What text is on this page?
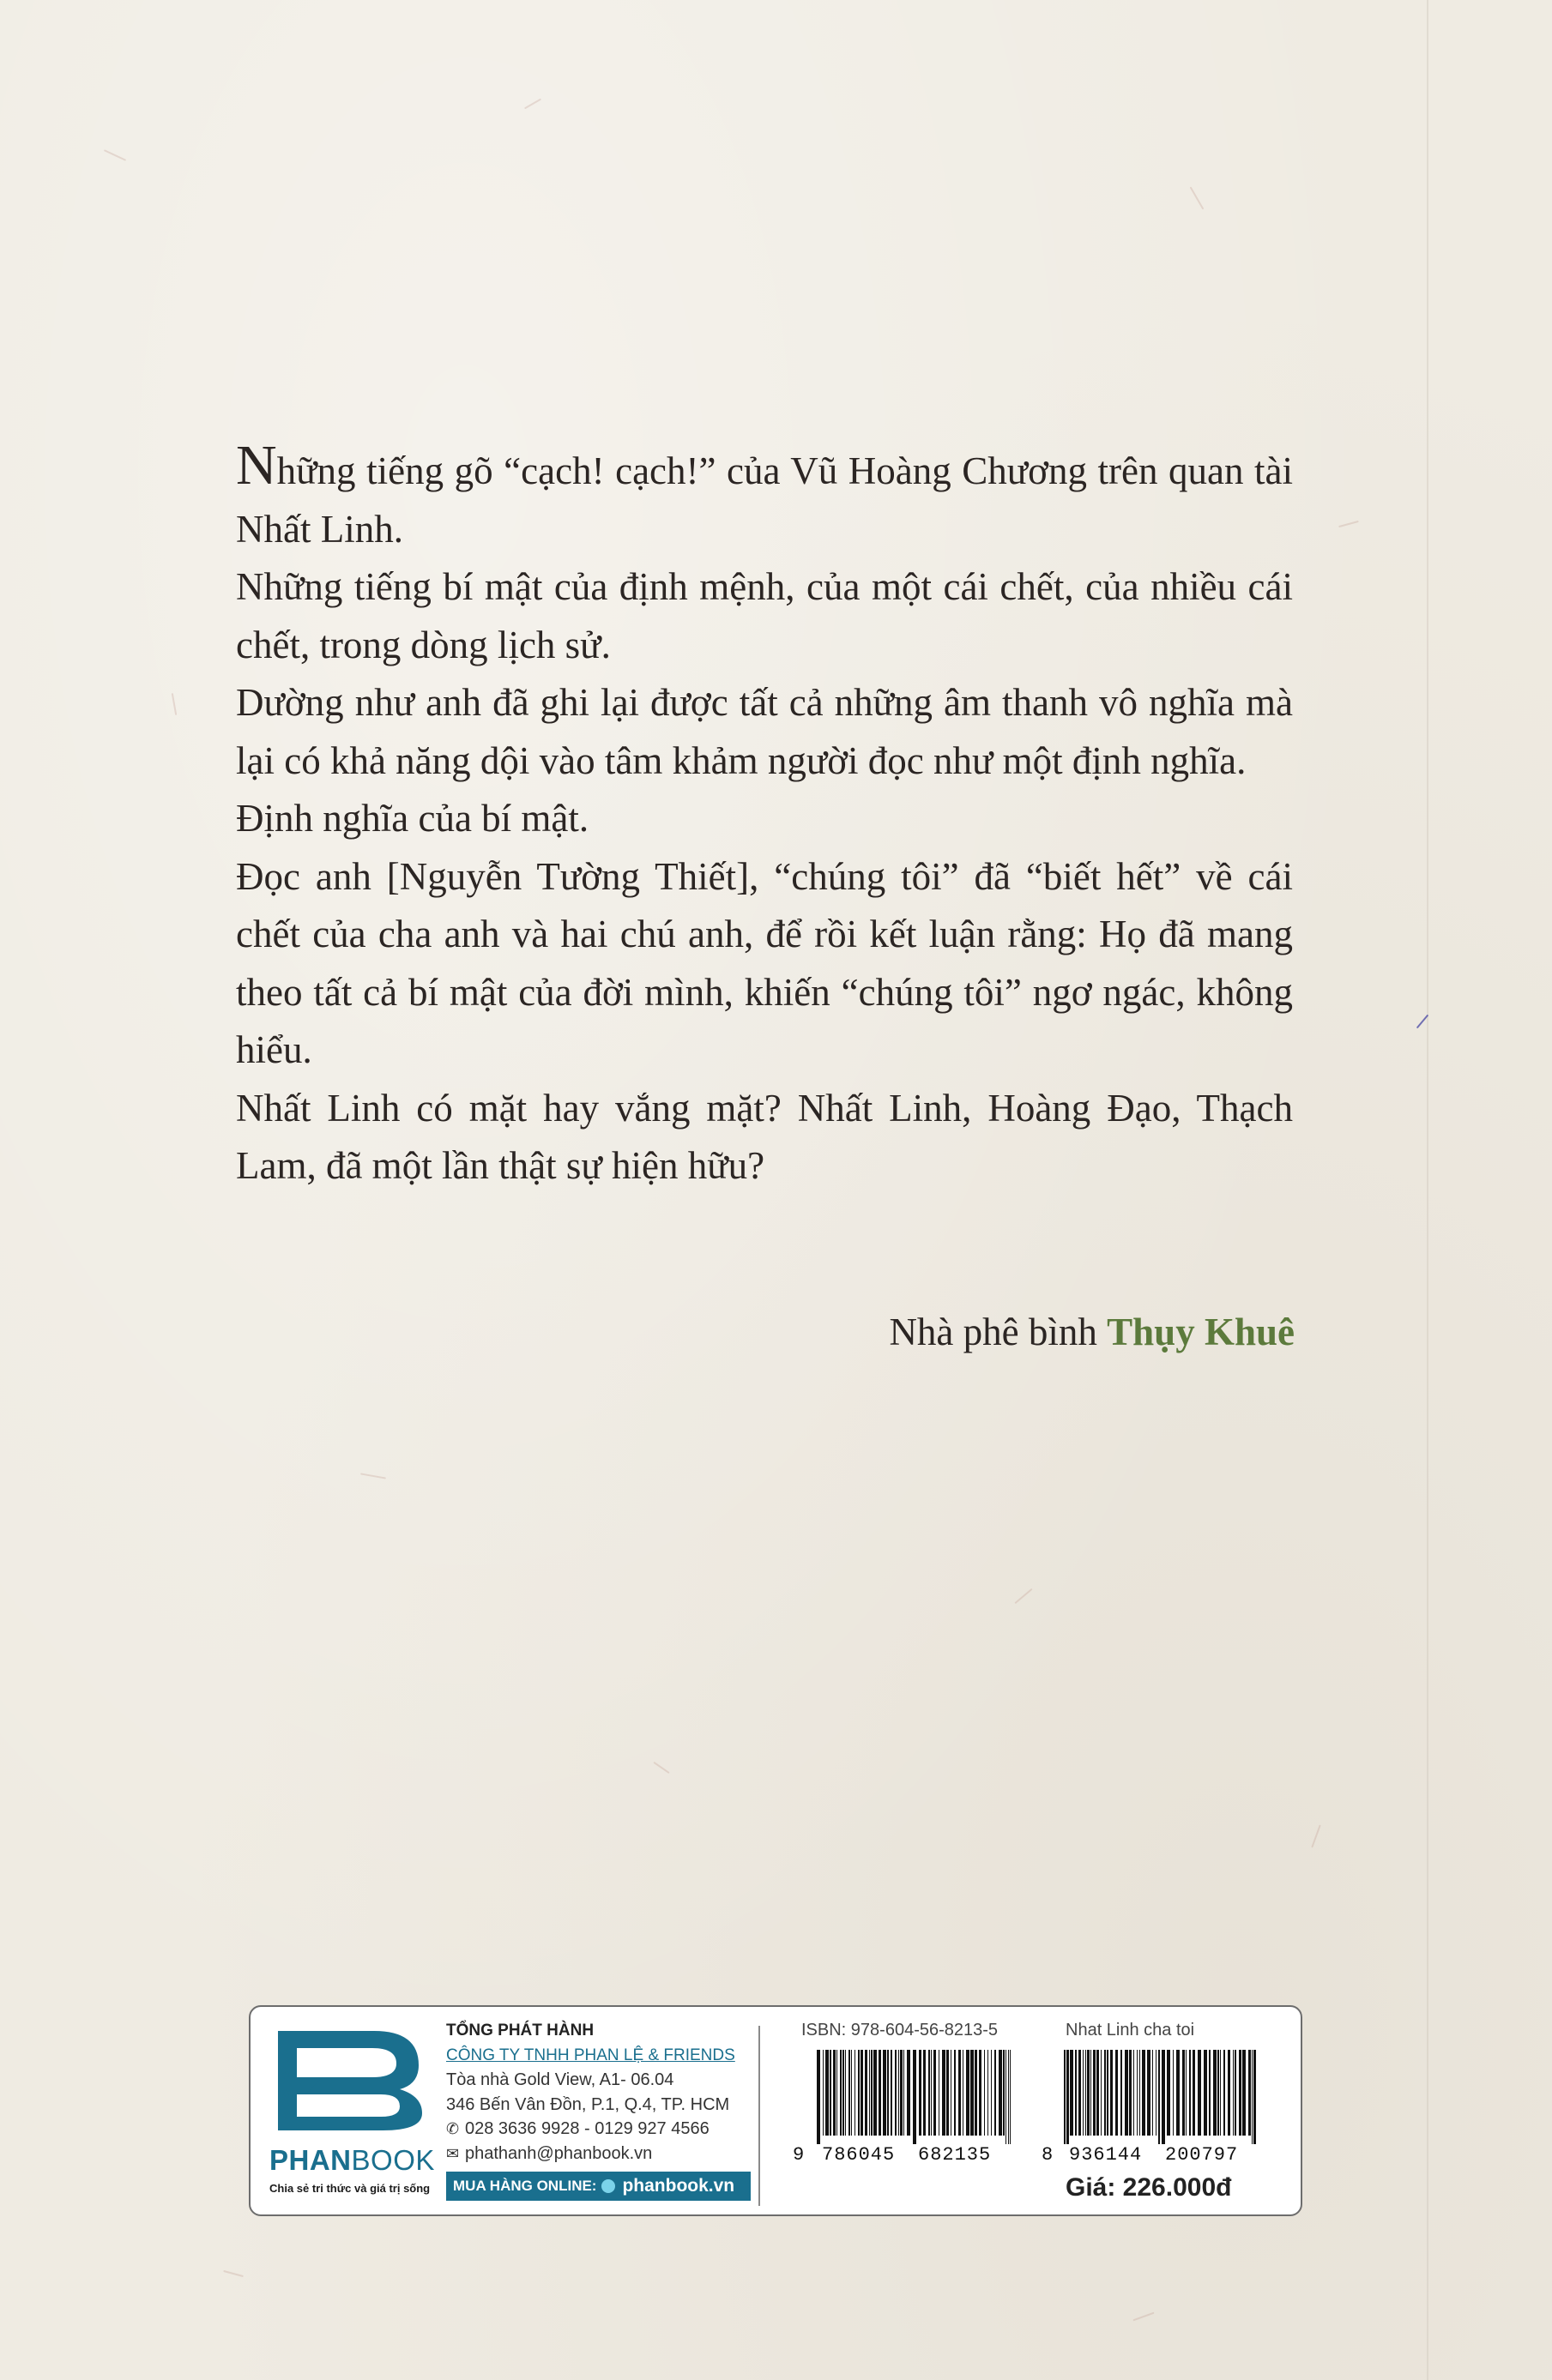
Những tiếng gõ “cạch! cạch!” của Vũ Hoàng Chương trên quan tài Nhất Linh.

Những tiếng bí mật của định mệnh, của một cái chết, của nhiều cái chết, trong dòng lịch sử.

Dường như anh đã ghi lại được tất cả những âm thanh vô nghĩa mà lại có khả năng dội vào tâm khảm người đọc như một định nghĩa.

Định nghĩa của bí mật.

Đọc anh [Nguyễn Tường Thiết], “chúng tôi” đã “biết hết” về cái chết của cha anh và hai chú anh, để rồi kết luận rằng: Họ đã mang theo tất cả bí mật của đời mình, khiến “chúng tôi” ngơ ngác, không hiểu.

Nhất Linh có mặt hay vắng mặt? Nhất Linh, Hoàng Đạo, Thạch Lam, đã một lần thật sự hiện hữu?

Nhà phê bình Thụy Khuê
PHANBOOK
Chia sẻ tri thức và giá trị sống
TỔNG PHÁT HÀNH
CÔNG TY TNHH PHAN LỆ & FRIENDS
Tòa nhà Gold View, A1- 06.04
346 Bến Vân Đồn, P.1, Q.4, TP. HCM
✆ 028 3636 9928 - 0129 927 4566
✉ phathanh@phanbook.vn
MUA HÀNG ONLINE: phanbook.vn
ISBN: 978-604-56-8213-5
9 786045 682135
Nhat Linh cha toi
8 936144 200797
Giá: 226.000đ
